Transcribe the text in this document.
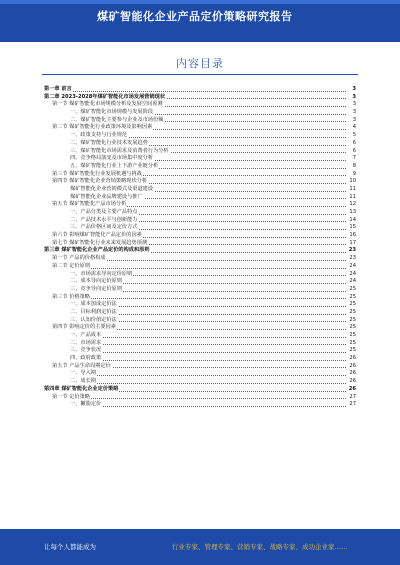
煤矿智能化企业产品定价策略研究报告
内容目录
第一章 前言	3
第二章 2023-2028年煤矿智能化市场发展营销现状	3
第一节 煤矿智能化市场规模分析及发展空间预测	3
一、煤矿智能化市场规模与发展阶段	3
二、煤矿智能化主要参与企业及市场份额	3
第二节 煤矿智能化行业政策环境及影响因素	4
一、政策支持与行业规范	5
二、煤矿智能化行业技术发展趋势	6
三、煤矿智能化市场需求及消费者行为分析	6
四、竞争格局演变及市场集中度分析	7
五、煤矿智能化行业上下游产业链分析	8
第三节 煤矿智能化行业发展机遇与挑战	9
第四节 煤矿智能化企业营销策略现状分析	10
煤矿智能化企业营销模式及渠道建设	11
煤矿智能化企业品牌建设与推广	11
第五节 煤矿智能化产品市场分析	12
一、产品分类及主要产品特点	13
二、产品技术水平与创新能力	14
三、产品价格区间及定价方式	15
第六节 影响煤矿智能化产品定价的因素	16
第七节 煤矿智能化行业未来发展趋势预测	17
第三章 煤矿智能化企业产品定价的构成和原则	23
第一节 产品的价格构成	23
第二节 定价原则	24
一、市场需求导向定价原则	24
二、成本导向定价原则	24
三、竞争导向定价原则	25
第三节 价格策略	25
一、成本加成定价法	25
二、目标利润定价法	25
三、认知价值定价法	25
第四节 影响定价的主要因素	25
一、产品成本	25
二、市场需求	25
三、竞争状况	25
四、政府政策	26
第五节 产品生命周期定价	26
一、导入期	26
二、成长期	26
第四章 煤矿智能化企业定价策略	26
第一节 定价策略	27
一、撇脂定价	27
让每个人都能成为	行业专家、管理专家、营销专家、战略专家、成功企业家……
